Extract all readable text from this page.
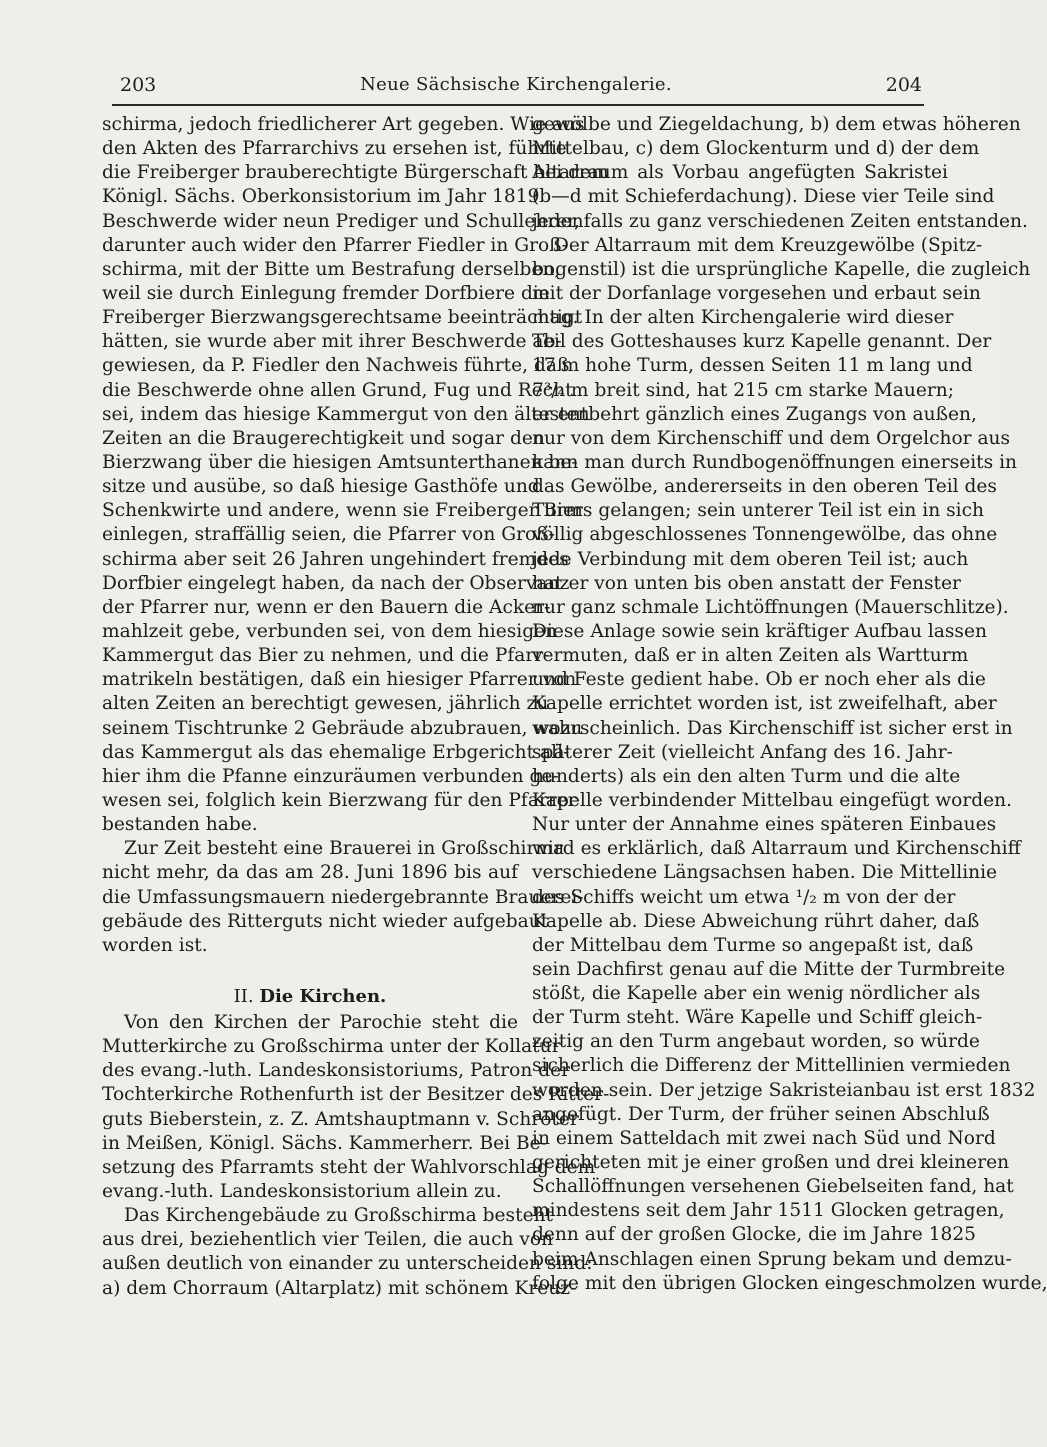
203	Neue Sächsische Kirchengalerie.	204
schirma, jedoch friedlicherer Art gegeben. Wie aus
den Akten des Pfarrarchivs zu ersehen ist, führte
die Freiberger brauberechtigte Bürgerschaft bei dem
Königl. Sächs. Oberkonsistorium im Jahr 1819
Beschwerde wider neun Prediger und Schullehrer,
darunter auch wider den Pfarrer Fiedler in Groß-
schirma, mit der Bitte um Bestrafung derselben,
weil sie durch Einlegung fremder Dorfbiere die
Freiberger Bierzwangsgerechtsame beeinträchtigt
hätten, sie wurde aber mit ihrer Beschwerde ab-
gewiesen, da P. Fiedler den Nachweis führte, daß
die Beschwerde ohne allen Grund, Fug und Recht
sei, indem das hiesige Kammergut von den ältesten
Zeiten an die Braugerechtigkeit und sogar den
Bierzwang über die hiesigen Amtsunterthanen be-
sitze und ausübe, so daß hiesige Gasthöfe und
Schenkwirte und andere, wenn sie Freiberger Bier
einlegen, straffällig seien, die Pfarrer von Groß-
schirma aber seit 26 Jahren ungehindert fremdes
Dorfbier eingelegt haben, da nach der Observanz
der Pfarrer nur, wenn er den Bauern die Acker-
mahlzeit gebe, verbunden sei, von dem hiesigen
Kammergut das Bier zu nehmen, und die Pfarr-
matrikeln bestätigen, daß ein hiesiger Pfarrer von
alten Zeiten an berechtigt gewesen, jährlich zu
seinem Tischtrunke 2 Gebräude abzubrauen, wozu
das Kammergut als das ehemalige Erbgericht all-
hier ihm die Pfanne einzuräumen verbunden ge-
wesen sei, folglich kein Bierzwang für den Pfarrer
bestanden habe.
Zur Zeit besteht eine Brauerei in Großschirma
nicht mehr, da das am 28. Juni 1896 bis auf
die Umfassungsmauern niedergebrannte Brauerei-
gebäude des Ritterguts nicht wieder aufgebaut
worden ist.
II. Die Kirchen.
Von den Kirchen der Parochie steht die
Mutterkirche zu Großschirma unter der Kollatur
des evang.-luth. Landeskonsistoriums, Patron der
Tochterkirche Rothenfurth ist der Besitzer des Ritter-
guts Bieberstein, z. Z. Amtshauptmann v. Schröter
in Meißen, Königl. Sächs. Kammerherr. Bei Be-
setzung des Pfarramts steht der Wahlvorschlag dem
evang.-luth. Landeskonsistorium allein zu.
Das Kirchengebäude zu Großschirma besteht
aus drei, beziehentlich vier Teilen, die auch von
außen deutlich von einander zu unterscheiden sind:
a) dem Chorraum (Altarplatz) mit schönem Kreuz-
gewölbe und Ziegeldachung, b) dem etwas höheren
Mittelbau, c) dem Glockenturm und d) der dem
Altarraum als Vorbau angefügten Sakristei
(b—d mit Schieferdachung). Diese vier Teile sind
jedenfalls zu ganz verschiedenen Zeiten entstanden.
Der Altarraum mit dem Kreuzgewölbe (Spitz-
bogenstil) ist die ursprüngliche Kapelle, die zugleich
mit der Dorfanlage vorgesehen und erbaut sein
mag. In der alten Kirchengalerie wird dieser
Teil des Gotteshauses kurz Kapelle genannt. Der
17 m hohe Turm, dessen Seiten 11 m lang und
7³/₄ m breit sind, hat 215 cm starke Mauern;
er entbehrt gänzlich eines Zugangs von außen,
nur von dem Kirchenschiff und dem Orgelchor aus
kann man durch Rundbogenöffnungen einerseits in
das Gewölbe, andererseits in den oberen Teil des
Turms gelangen; sein unterer Teil ist ein in sich
völlig abgeschlossenes Tonnengewölbe, das ohne
jede Verbindung mit dem oberen Teil ist; auch
hat er von unten bis oben anstatt der Fenster
nur ganz schmale Lichtöffnungen (Mauerschlitze).
Diese Anlage sowie sein kräftiger Aufbau lassen
vermuten, daß er in alten Zeiten als Wartturm
und Feste gedient habe. Ob er noch eher als die
Kapelle errichtet worden ist, ist zweifelhaft, aber
wahrscheinlich. Das Kirchenschiff ist sicher erst in
späterer Zeit (vielleicht Anfang des 16. Jahr-
hunderts) als ein den alten Turm und die alte
Kapelle verbindender Mittelbau eingefügt worden.
Nur unter der Annahme eines späteren Einbaues
wird es erklärlich, daß Altarraum und Kirchenschiff
verschiedene Längsachsen haben. Die Mittellinie
des Schiffs weicht um etwa ¹/₂ m von der der
Kapelle ab. Diese Abweichung rührt daher, daß
der Mittelbau dem Turme so angepaßt ist, daß
sein Dachfirst genau auf die Mitte der Turmbreite
stößt, die Kapelle aber ein wenig nördlicher als
der Turm steht. Wäre Kapelle und Schiff gleich-
zeitig an den Turm angebaut worden, so würde
sicherlich die Differenz der Mittellinien vermieden
worden sein. Der jetzige Sakristeianbau ist erst 1832
angefügt. Der Turm, der früher seinen Abschluß
in einem Satteldach mit zwei nach Süd und Nord
gerichteten mit je einer großen und drei kleineren
Schallöffnungen versehenen Giebelseiten fand, hat
mindestens seit dem Jahr 1511 Glocken getragen,
denn auf der großen Glocke, die im Jahre 1825
beim Anschlagen einen Sprung bekam und demzu-
folge mit den übrigen Glocken eingeschmolzen wurde,
